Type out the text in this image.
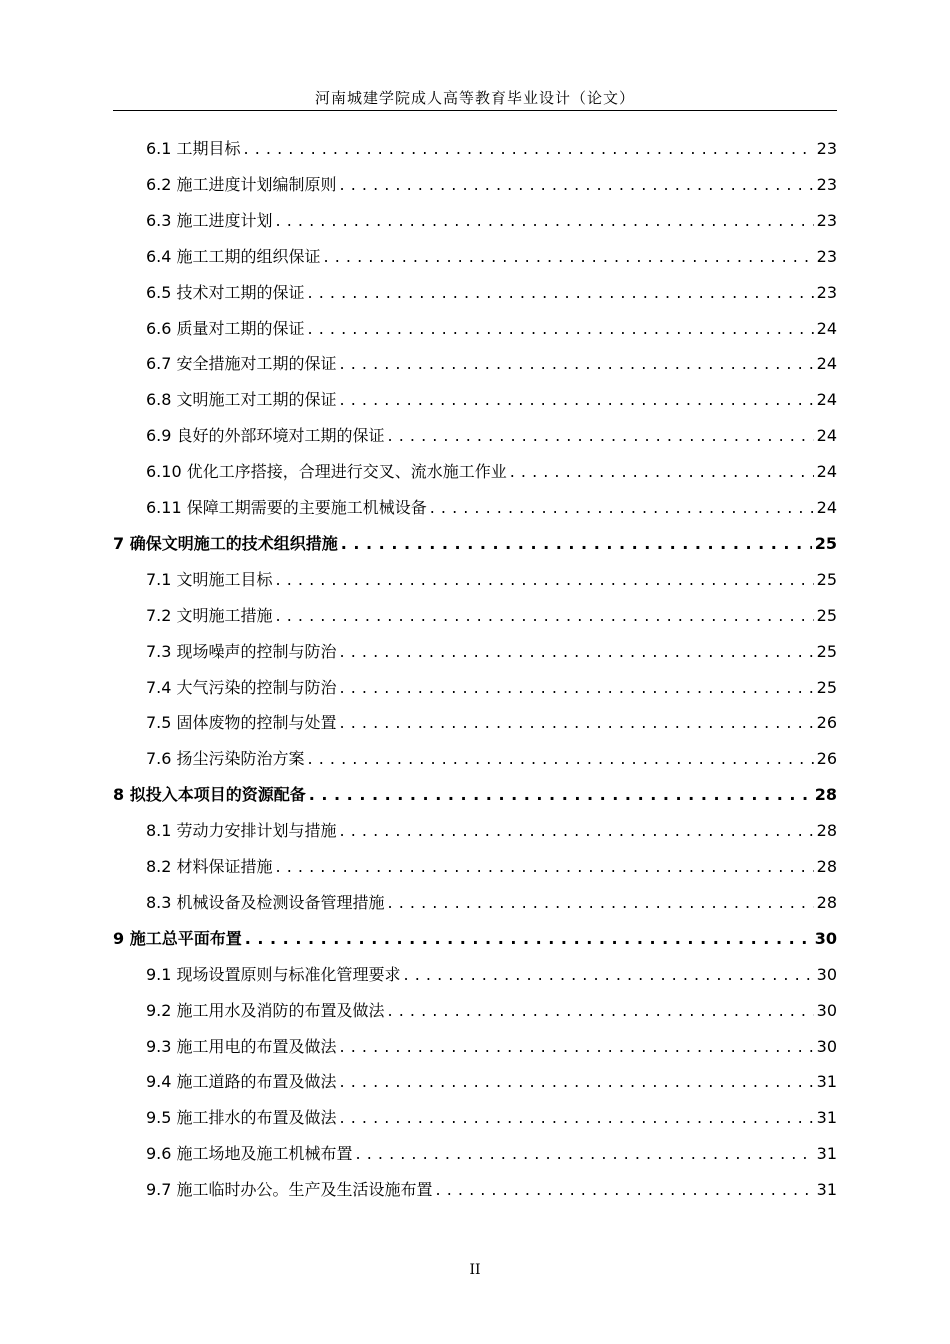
河南城建学院成人高等教育毕业设计（论文）
6.1 工期目标 . . .	23
6.2 施工进度计划编制原则 . . .	23
6.3 施工进度计划 . . .	23
6.4 施工工期的组织保证 . . .	23
6.5 技术对工期的保证 . . .	23
6.6 质量对工期的保证 . . .	24
6.7 安全措施对工期的保证 . . .	24
6.8 文明施工对工期的保证 . . .	24
6.9 良好的外部环境对工期的保证 . . .	24
6.10 优化工序搭接，合理进行交叉、流水施工作业 . . .	24
6.11 保障工期需要的主要施工机械设备 . . .	24
7 确保文明施工的技术组织措施 . . .	25
7.1 文明施工目标 . . .	25
7.2 文明施工措施 . . .	25
7.3 现场噪声的控制与防治 . . .	25
7.4 大气污染的控制与防治 . . .	25
7.5 固体废物的控制与处置 . . .	26
7.6 扬尘污染防治方案 . . .	26
8 拟投入本项目的资源配备 . . .	28
8.1 劳动力安排计划与措施 . . .	28
8.2 材料保证措施 . . .	28
8.3 机械设备及检测设备管理措施 . . .	28
9 施工总平面布置 . . .	30
9.1 现场设置原则与标准化管理要求 . . .	30
9.2 施工用水及消防的布置及做法 . . .	30
9.3 施工用电的布置及做法 . . .	30
9.4 施工道路的布置及做法 . . .	31
9.5 施工排水的布置及做法 . . .	31
9.6 施工场地及施工机械布置 . . .	31
9.7 施工临时办公。生产及生活设施布置 . . .	31
II
